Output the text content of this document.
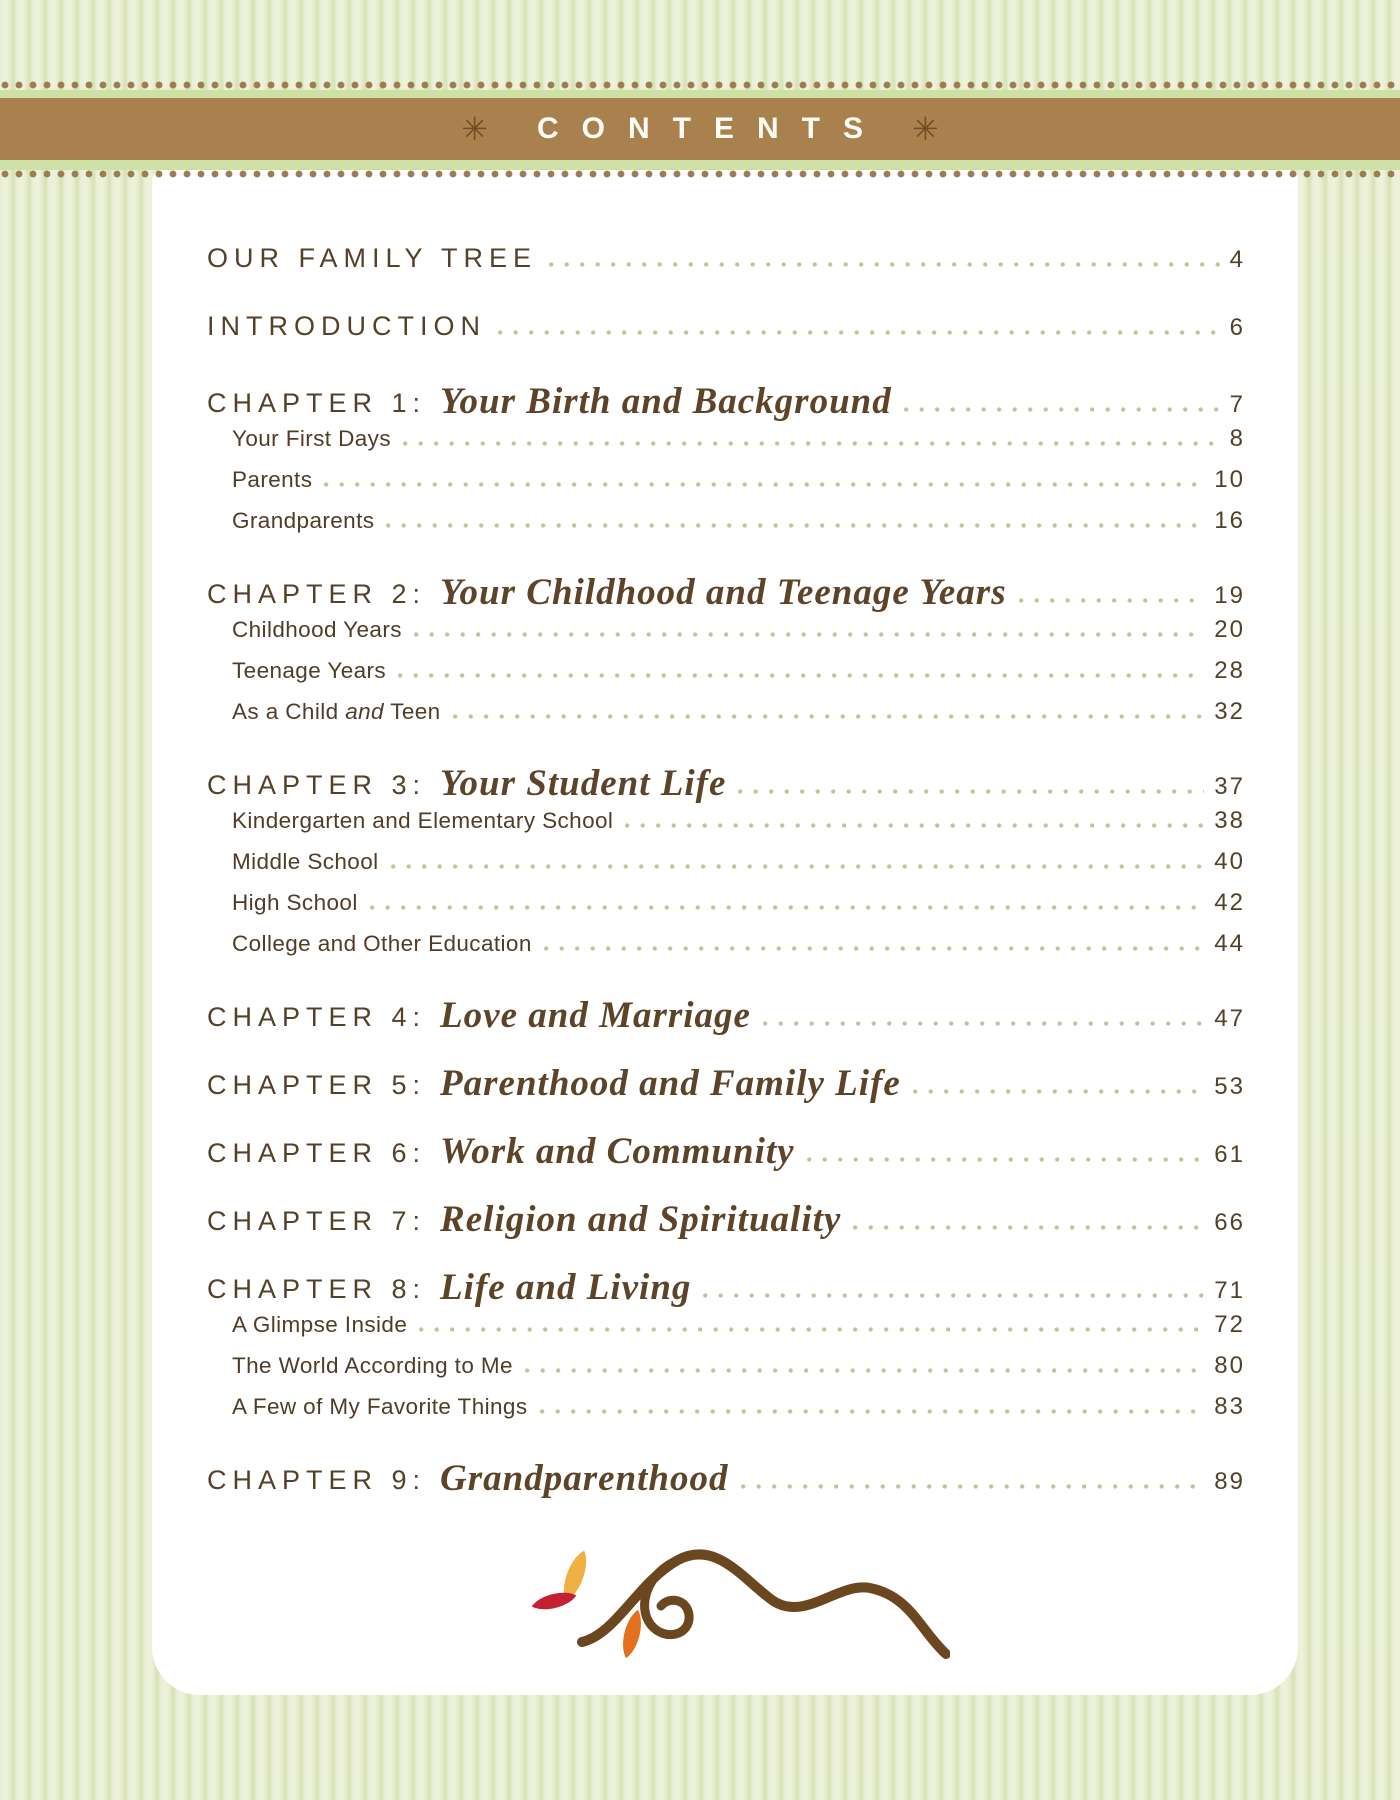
✳	CONTENTS ✳
OUR FAMILY TREE	4
INTRODUCTION	6
CHAPTER 1: Your Birth and Background	7
Your First Days	8
Parents	10
Grandparents	16
CHAPTER 2: Your Childhood and Teenage Years	19
Childhood Years	20
Teenage Years	28
As a Child and Teen	32
CHAPTER 3: Your Student Life	37
Kindergarten and Elementary School	38
Middle School	40
High School	42
College and Other Education	44
CHAPTER 4: Love and Marriage	47
CHAPTER 5: Parenthood and Family Life	53
CHAPTER 6: Work and Community	61
CHAPTER 7: Religion and Spirituality	66
CHAPTER 8: Life and Living	71
A Glimpse Inside	72
The World According to Me	80
A Few of My Favorite Things	83
CHAPTER 9: Grandparenthood	89
